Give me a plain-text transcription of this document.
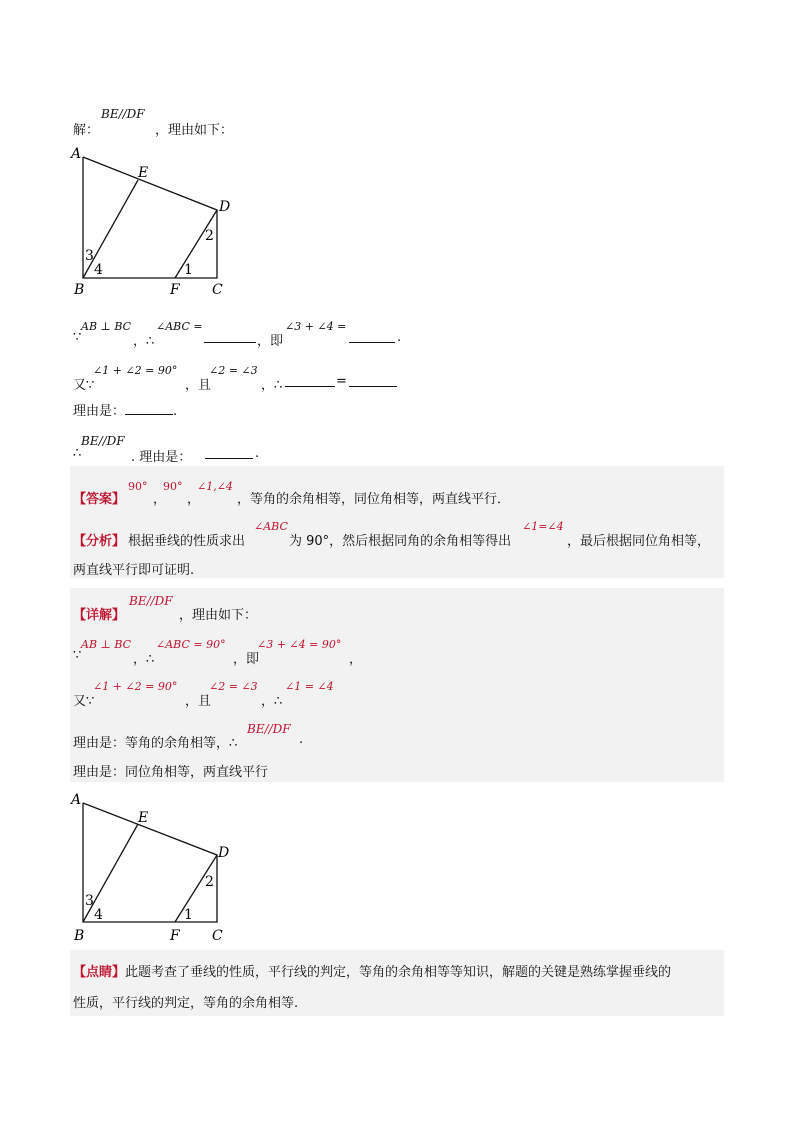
解：
BE//DF
，理由如下：
A
E
D
B	F C
2
3
4	1
∵
AB ⊥ BC
，∴
∠ABC =
，即
∠3 + ∠4 =
.
又∵
∠1 + ∠2 = 90°
，且
∠2 = ∠3
，∴	=
理由是：	.
∴
BE//DF
. 理由是：	.
【答案】
90°
，
90°
，
∠1,∠4
，等角的余角相等，同位角相等，两直线平行．
【分析】 根据垂线的性质求出
∠ABC
为 90°，然后根据同角的余角相等得出
∠1=∠4
，最后根据同位角相等，
两直线平行即可证明.
【详解】
BE//DF
，理由如下：
∵
AB ⊥ BC
，∴
∠ABC = 90°
，即
∠3 + ∠4 = 90°
，
又∵
∠1 + ∠2 = 90°
，且
∠2 = ∠3
，∴
∠1 = ∠4
理由是：等角的余角相等，∴
BE//DF
.
理由是：同位角相等，两直线平行
A
E
D
B	F C
2
3
4	1
【点睛】此题考查了垂线的性质，平行线的判定，等角的余角相等等知识，解题的关键是熟练掌握垂线的
性质，平行线的判定，等角的余角相等.
